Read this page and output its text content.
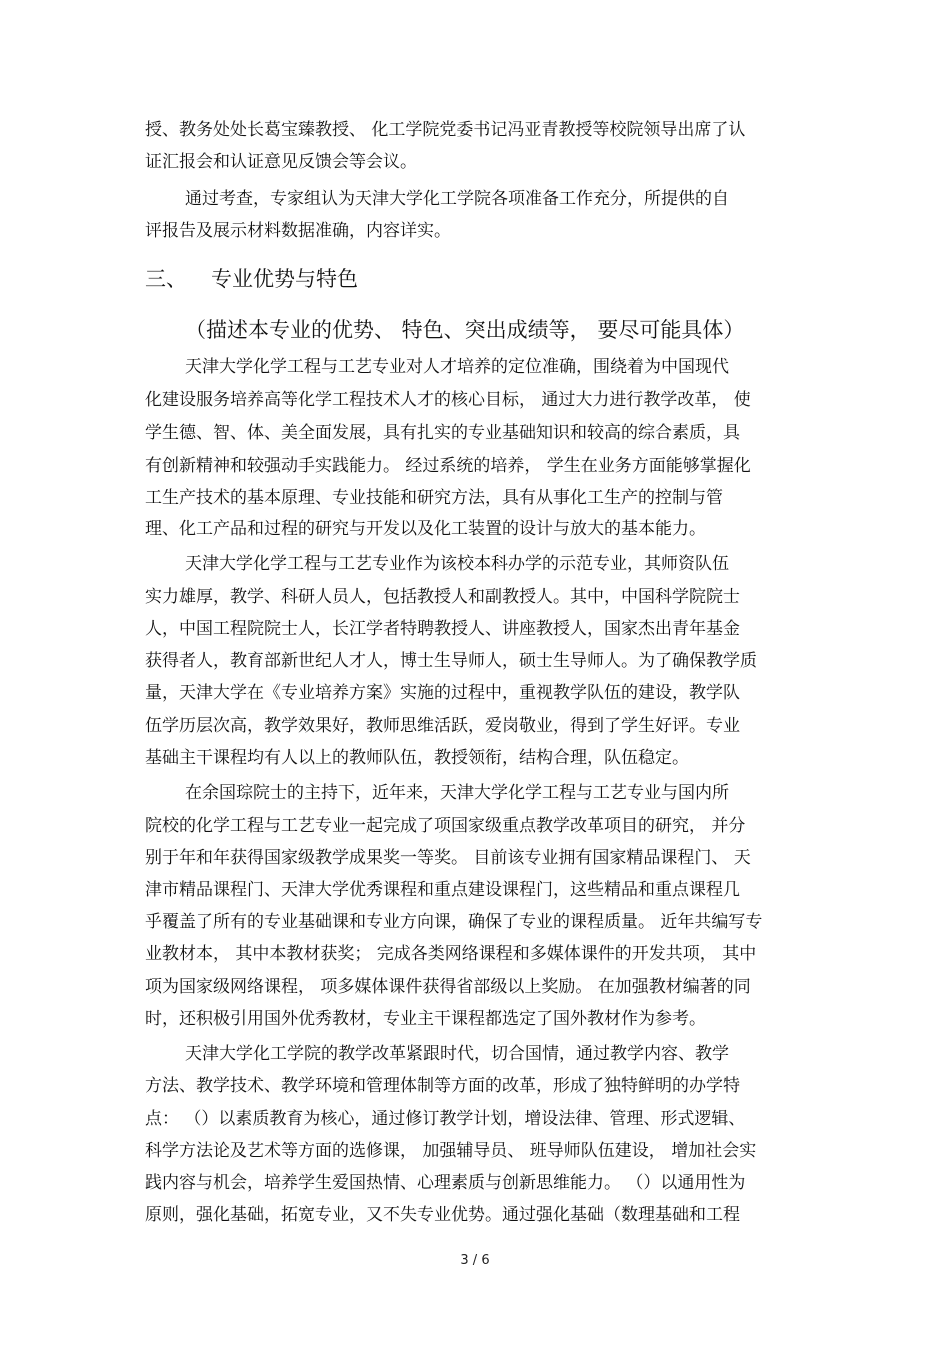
授、教务处处长葛宝臻教授、 化工学院党委书记冯亚青教授等校院领导出席了认
证汇报会和认证意见反馈会等会议。
通过考查，专家组认为天津大学化工学院各项准备工作充分，所提供的自
评报告及展示材料数据准确，内容详实。
三、 专业优势与特色
（描述本专业的优势、 特色、突出成绩等， 要尽可能具体）
天津大学化学工程与工艺专业对人才培养的定位准确，围绕着为中国现代
化建设服务培养高等化学工程技术人才的核心目标， 通过大力进行教学改革， 使
学生德、智、体、美全面发展，具有扎实的专业基础知识和较高的综合素质，具
有创新精神和较强动手实践能力。 经过系统的培养， 学生在业务方面能够掌握化
工生产技术的基本原理、专业技能和研究方法，具有从事化工生产的控制与管
理、化工产品和过程的研究与开发以及化工装置的设计与放大的基本能力。
天津大学化学工程与工艺专业作为该校本科办学的示范专业，其师资队伍
实力雄厚，教学、科研人员人，包括教授人和副教授人。其中，中国科学院院士
人，中国工程院院士人，长江学者特聘教授人、讲座教授人，国家杰出青年基金
获得者人，教育部新世纪人才人，博士生导师人，硕士生导师人。为了确保教学质
量，天津大学在《专业培养方案》实施的过程中，重视教学队伍的建设，教学队
伍学历层次高，教学效果好，教师思维活跃，爱岗敬业，得到了学生好评。专业
基础主干课程均有人以上的教师队伍，教授领衔，结构合理，队伍稳定。
在余国琮院士的主持下，近年来，天津大学化学工程与工艺专业与国内所
院校的化学工程与工艺专业一起完成了项国家级重点教学改革项目的研究， 并分
别于年和年获得国家级教学成果奖一等奖。 目前该专业拥有国家精品课程门、 天
津市精品课程门、天津大学优秀课程和重点建设课程门，这些精品和重点课程几
乎覆盖了所有的专业基础课和专业方向课，确保了专业的课程质量。 近年共编写专
业教材本， 其中本教材获奖； 完成各类网络课程和多媒体课件的开发共项， 其中
项为国家级网络课程， 项多媒体课件获得省部级以上奖励。 在加强教材编著的同
时，还积极引用国外优秀教材，专业主干课程都选定了国外教材作为参考。
天津大学化工学院的教学改革紧跟时代，切合国情，通过教学内容、教学
方法、教学技术、教学环境和管理体制等方面的改革，形成了独特鲜明的办学特
点： （）以素质教育为核心，通过修订教学计划，增设法律、管理、形式逻辑、
科学方法论及艺术等方面的选修课， 加强辅导员、 班导师队伍建设， 增加社会实
践内容与机会，培养学生爱国热情、心理素质与创新思维能力。 （）以通用性为
原则，强化基础，拓宽专业，又不失专业优势。通过强化基础（数理基础和工程
3 / 6
